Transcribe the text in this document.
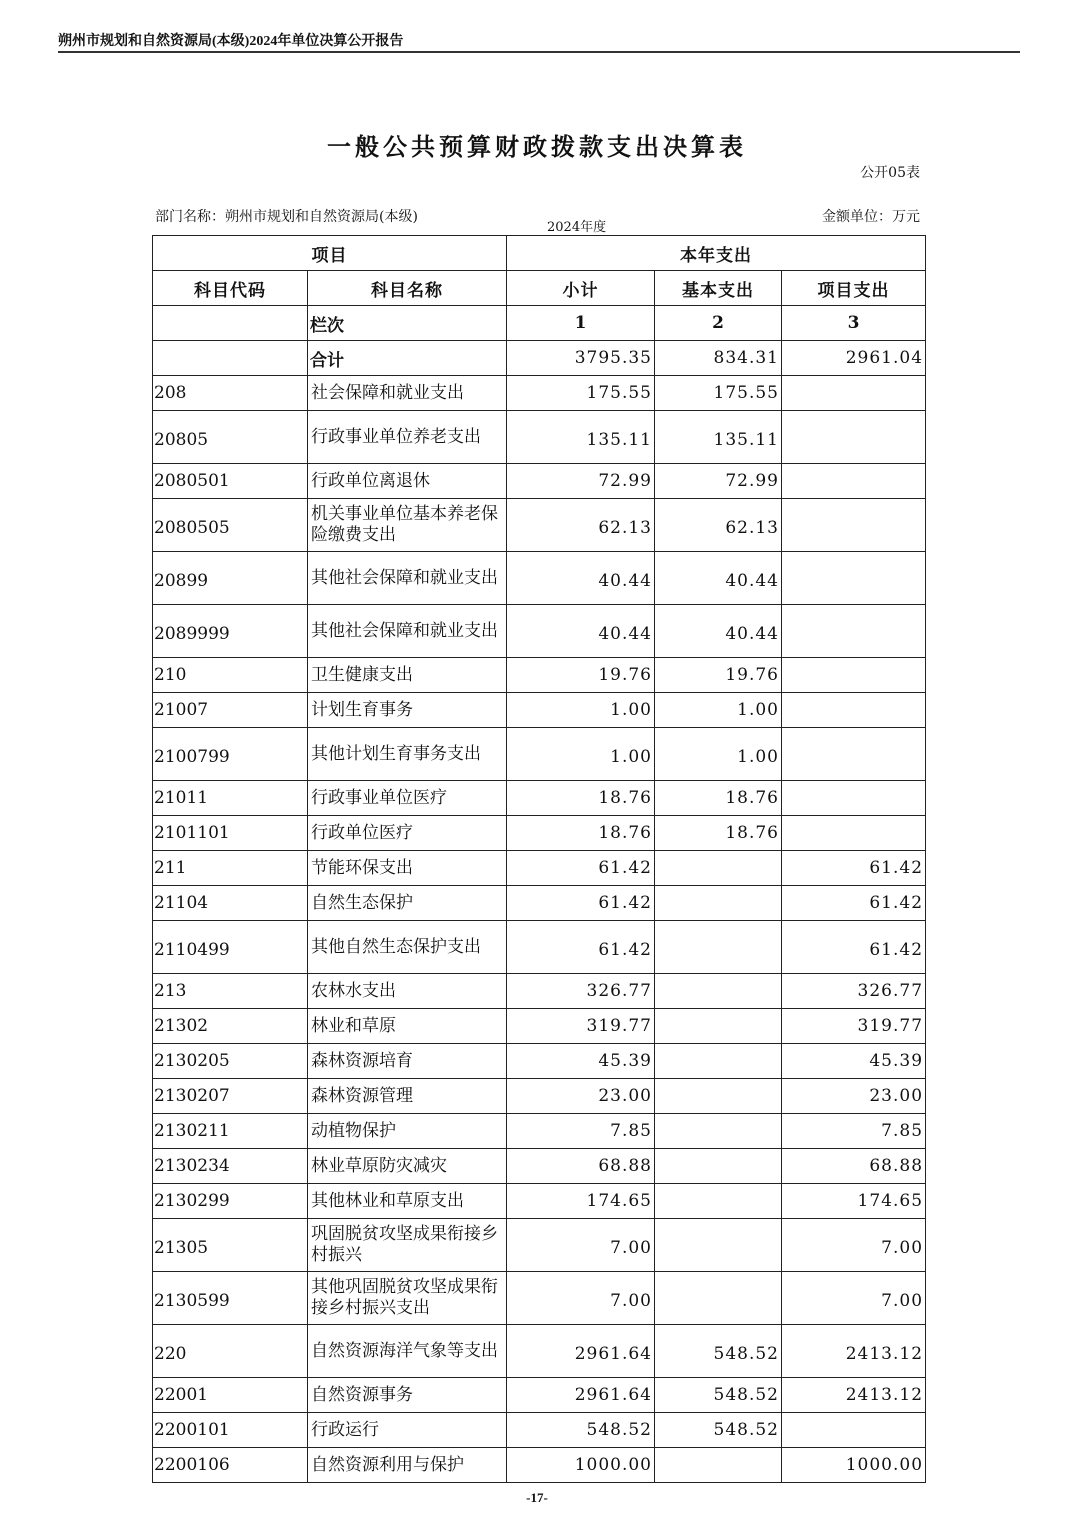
朔州市规划和自然资源局(本级)2024年单位决算公开报告
一般公共预算财政拨款支出决算表
公开05表
部门名称：朔州市规划和自然资源局(本级)
2024年度
金额单位：万元
项目		本年支出		
科目代码	科目名称	小计	基本支出	项目支出
	栏次	1	2	3
	合计	3795.35	834.31	2961.04
208	社会保障和就业支出	175.55	175.55	
20805	行政事业单位养老支出	135.11	135.11	
2080501	行政单位离退休	72.99	72.99	
2080505	机关事业单位基本养老保险缴费支出	62.13	62.13	
20899	其他社会保障和就业支出	40.44	40.44	
2089999	其他社会保障和就业支出	40.44	40.44	
210	卫生健康支出	19.76	19.76	
21007	计划生育事务	1.00	1.00	
2100799	其他计划生育事务支出	1.00	1.00	
21011	行政事业单位医疗	18.76	18.76	
2101101	行政单位医疗	18.76	18.76	
211	节能环保支出	61.42		61.42
21104	自然生态保护	61.42		61.42
2110499	其他自然生态保护支出	61.42		61.42
213	农林水支出	326.77		326.77
21302	林业和草原	319.77		319.77
2130205	森林资源培育	45.39		45.39
2130207	森林资源管理	23.00		23.00
2130211	动植物保护	7.85		7.85
2130234	林业草原防灾减灾	68.88		68.88
2130299	其他林业和草原支出	174.65		174.65
21305	巩固脱贫攻坚成果衔接乡村振兴	7.00		7.00
2130599	其他巩固脱贫攻坚成果衔接乡村振兴支出	7.00		7.00
220	自然资源海洋气象等支出	2961.64	548.52	2413.12
22001	自然资源事务	2961.64	548.52	2413.12
2200101	行政运行	548.52	548.52	
2200106	自然资源利用与保护	1000.00		1000.00
-17-
